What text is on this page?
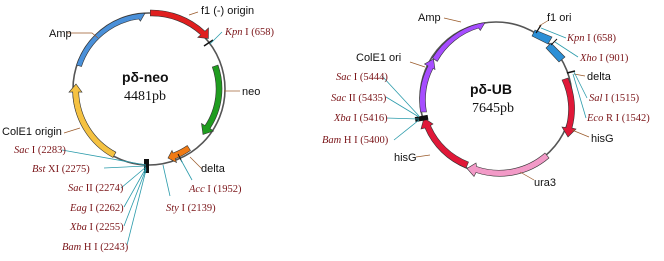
Amp
f1 (-) origin
neo
delta
ColE1 origin
pδ-neo
4481pb
Kpn I (658)
Acc I (1952)
Sty I (2139)
Sac I (2283)
Bst XI (2275)
Sac II (2274)
Eag I (2262)
Xba I (2255)
Bam H I (2243)
Amp	f1 ori
delta
hisG
ura3
hisG
ColE1 ori
pδ-UB
7645pb
Kpn I (658)
Xho I (901)
Sal I (1515)
Eco R I (1542)
Sac I (5444)
Sac II (5435)
Xba I (5416)
Bam H I (5400)
